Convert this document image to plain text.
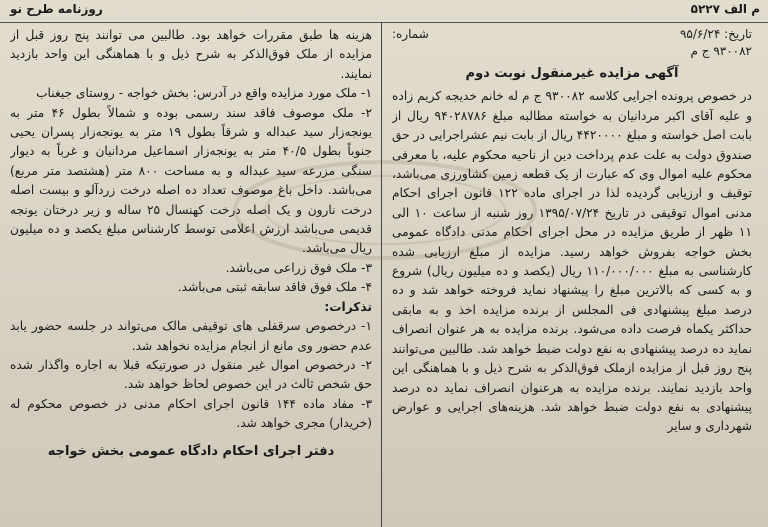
روزنامه طرح نو	م الف ۵۲۲۷
تاریخ: ۹۵/۶/۲۴
شماره:
۹۳۰۰۸۲ ج م
آگهی مزایده غیرمنقول نوبت دوم

در خصوص پرونده اجرایی کلاسه ۹۳۰۰۸۲ ج م له خانم خدیجه کریم زاده و علیه آقای اکبر مردانیان به خواسته مطالبه مبلغ ۹۴۰۲۸۷۸۶ ریال از بابت اصل خواسته و مبلغ ۴۴۲۰۰۰۰ ریال از بابت نیم عشراجرایی در حق صندوق دولت به علت عدم پرداخت دین از ناحیه محکوم علیه، با معرفی محکوم علیه اموال وی که عبارت از یک قطعه زمین کشاورزی می‌باشد، توقیف و ارزیابی گردیده لذا در اجرای ماده ۱۲۲ قانون اجرای احکام مدنی اموال توقیفی در تاریخ ۱۳۹۵/۰۷/۲۴ روز شنبه از ساعت ۱۰ الی ۱۱ ظهر از طریق مزایده در محل اجرای احکام مدنی دادگاه عمومی بخش خواجه بفروش خواهد رسید. مزایده از مبلغ ارزیابی شده کارشناسی به مبلغ ۱۱۰/۰۰۰/۰۰۰ ریال (یکصد و ده میلیون ریال) شروع و به کسی که بالاترین مبلغ را پیشنهاد نماید فروخته خواهد شد و ده درصد مبلغ پیشنهادی فی المجلس از برنده مزایده اخذ و به مابقی حداکثر یکماه فرصت داده می‌شود. برنده مزایده به هر عنوان انصراف نماید ده درصد پیشنهادی به نفع دولت ضبط خواهد شد. طالبین می‌توانند پنج روز قبل از مزایده ازملک فوق‌الذکر به شرح ذیل و با هماهنگی این واحد بازدید نمایند. برنده مزایده به هرعنوان انصراف نماید ده درصد پیشنهادی به نفع دولت ضبط خواهد شد. هزینه‌های اجرایی و عوارض شهرداری و سایر

هزینه ها طبق مقررات خواهد بود. طالبین می توانند پنج روز قبل از مزایده از ملک فوق‌الذکر به شرح ذیل و با هماهنگی این واحد بازدید نمایند.

۱- ملک مورد مزایده واقع در آدرس: بخش خواجه - روستای جیغناب

۲- ملک موصوف فاقد سند رسمی بوده و شمالاً بطول ۴۶ متر به یونجه‌زار سید عبداله و شرقاً بطول ۱۹ متر به یونجه‌زار پسران یحیی جنوباً بطول ۴۰/۵ متر به یونجه‌زار اسماعیل مردانیان و غرباً به دیوار سنگی مزرعه سید عبداله و به مساحت ۸۰۰ متر (هشتصد متر مربع) می‌باشد. داخل باغ موصوف تعداد ده اصله درخت زردآلو و بیست اصله درخت نارون و یک اصله درخت کهنسال ۲۵ ساله و زیر درختان یونجه قدیمی می‌باشد ارزش اعلامی توسط کارشناس مبلغ یکصد و ده میلیون ریال می‌باشد.

۳- ملک فوق زراعی می‌باشد.

۴- ملک فوق فاقد سابقه ثبتی می‌باشد.

تذکرات:

۱- درخصوص سرقفلی های توقیفی مالک می‌تواند در جلسه حضور یابد عدم حضور وی مانع از انجام مزایده نخواهد شد.

۲- درخصوص اموال غیر منقول در صورتیکه قبلا به اجاره واگذار شده حق شخص ثالث در این خصوص لحاظ خواهد شد.

۳- مفاد ماده ۱۴۴ قانون اجرای احکام مدنی در خصوص محکوم له (خریدار) مجری خواهد شد.

دفتر اجرای احکام دادگاه عمومی بخش خواجه
